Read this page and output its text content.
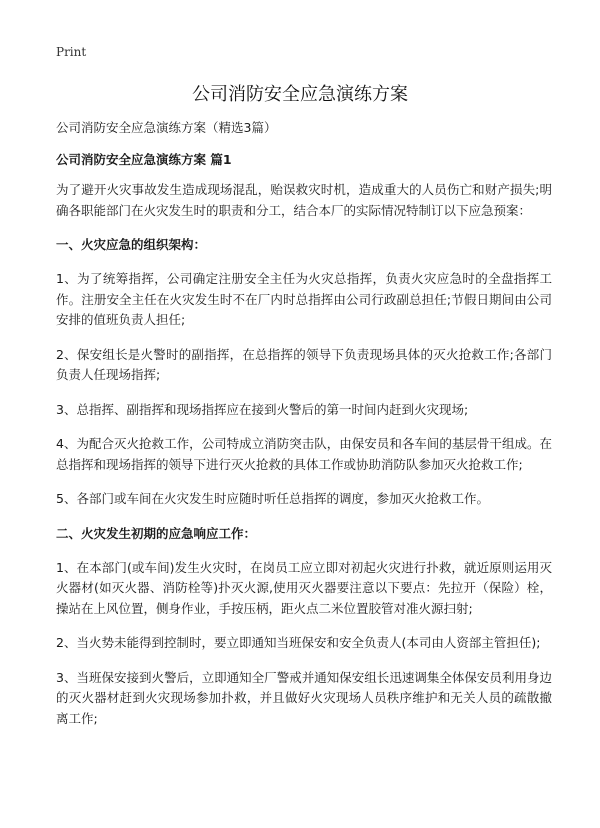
Print
公司消防安全应急演练方案

公司消防安全应急演练方案（精选3篇）

公司消防安全应急演练方案 篇1

为了避开火灾事故发生造成现场混乱，贻误救灾时机，造成重大的人员伤亡和财产损失;明确各职能部门在火灾发生时的职责和分工，结合本厂的实际情况特制订以下应急预案：

一、火灾应急的组织架构：

1、为了统筹指挥，公司确定注册安全主任为火灾总指挥，负责火灾应急时的全盘指挥工作。注册安全主任在火灾发生时不在厂内时总指挥由公司行政副总担任;节假日期间由公司安排的值班负责人担任;

2、保安组长是火警时的副指挥，在总指挥的领导下负责现场具体的灭火抢救工作;各部门负责人任现场指挥;

3、总指挥、副指挥和现场指挥应在接到火警后的第一时间内赶到火灾现场;

4、为配合灭火抢救工作，公司特成立消防突击队，由保安员和各车间的基层骨干组成。在总指挥和现场指挥的领导下进行灭火抢救的具体工作或协助消防队参加灭火抢救工作;

5、各部门或车间在火灾发生时应随时听任总指挥的调度，参加灭火抢救工作。

二、火灾发生初期的应急响应工作：

1、在本部门(或车间)发生火灾时，在岗员工应立即对初起火灾进行扑救，就近原则运用灭火器材(如灭火器、消防栓等)扑灭火源,使用灭火器要注意以下要点：先拉开（保险）栓，操站在上风位置，侧身作业，手按压柄，距火点二米位置胶管对准火源扫射;

2、当火势未能得到控制时，要立即通知当班保安和安全负责人(本司由人资部主管担任);

3、当班保安接到火警后，立即通知全厂警戒并通知保安组长迅速调集全体保安员利用身边的灭火器材赶到火灾现场参加扑救，并且做好火灾现场人员秩序维护和无关人员的疏散撤离工作;
